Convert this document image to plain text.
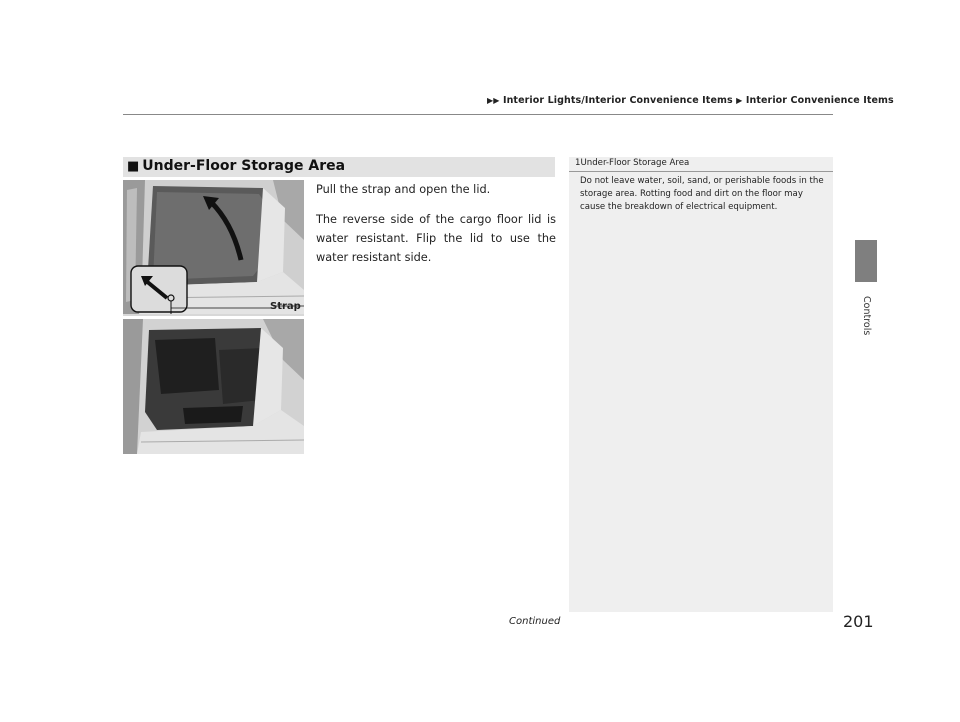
▶▶ Interior Lights/Interior Convenience Items ▶ Interior Convenience Items
Controls
■ Under-Floor Storage Area
Pull the strap and open the lid.
The reverse side of the cargo floor lid is water resistant. Flip the lid to use the water resistant side.
Strap
1Under-Floor Storage Area
Do not leave water, soil, sand, or perishable foods in the storage area. Rotting food and dirt on the floor may cause the breakdown of electrical equipment.
Continued	201
